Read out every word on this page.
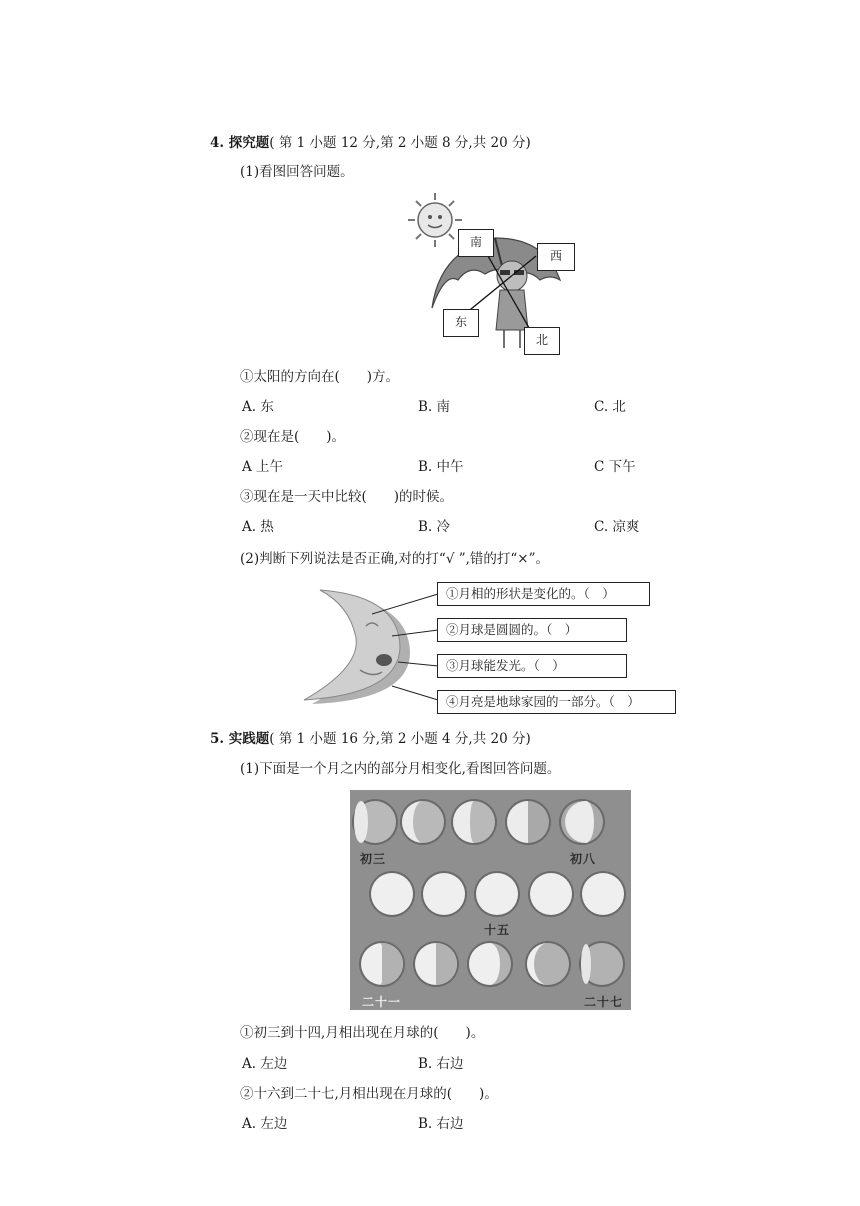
4. 探究题( 第 1 小题 12 分,第 2 小题 8 分,共 20 分)
(1)看图回答问题。
南
西
东
北
①太阳的方向在(　　)方。
A. 东	B. 南	C. 北
②现在是(　　)。
A 上午	B. 中午	C 下午
③现在是一天中比较(　　)的时候。
A. 热	B. 冷	C. 凉爽
(2)判断下列说法是否正确,对的打“√ ”,错的打“×”。
①月相的形状是变化的。（　）
②月球是圆圆的。（　）
③月球能发光。（　）
④月亮是地球家园的一部分。（　）
5. 实践题( 第 1 小题 16 分,第 2 小题 4 分,共 20 分)
(1)下面是一个月之内的部分月相变化,看图回答问题。
初三	初八
十五
二十一	二十七
①初三到十四,月相出现在月球的(　　)。
A. 左边	B. 右边
②十六到二十七,月相出现在月球的(　　)。
A. 左边	B. 右边
